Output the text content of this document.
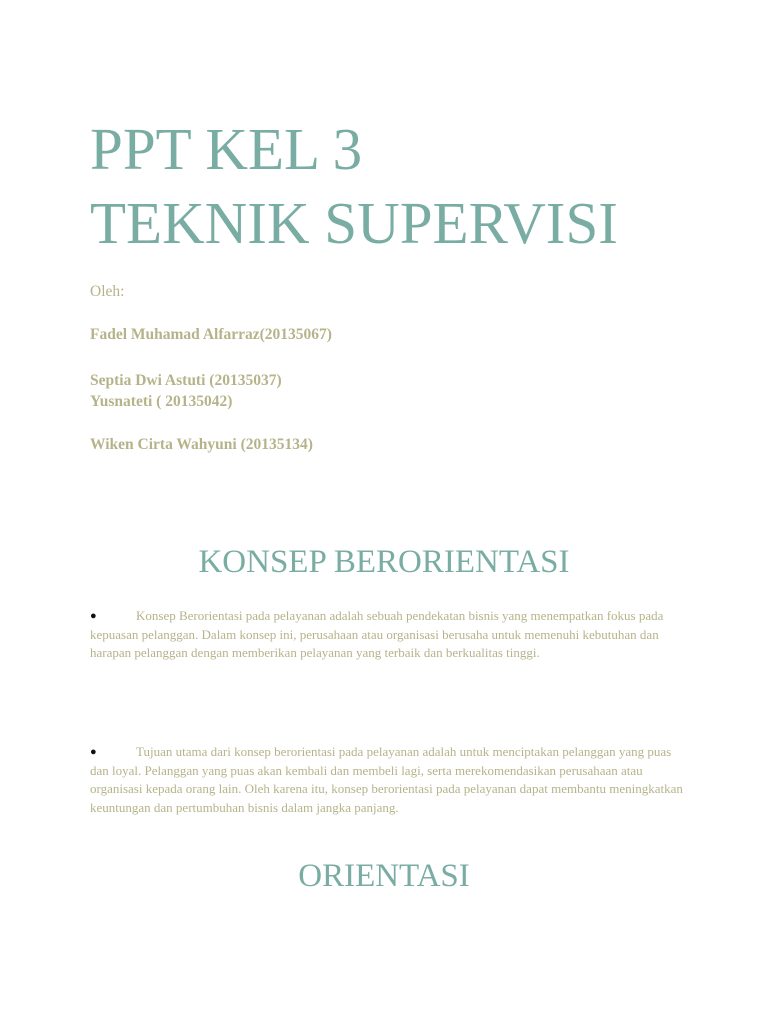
PPT KEL 3
TEKNIK SUPERVISI
Oleh:
Fadel Muhamad Alfarraz(20135067)
Septia Dwi Astuti (20135037)
Yusnateti ( 20135042)
Wiken Cirta Wahyuni (20135134)
KONSEP BERORIENTASI

●	Konsep Berorientasi pada pelayanan adalah sebuah pendekatan bisnis yang menempatkan fokus pada kepuasan pelanggan. Dalam konsep ini, perusahaan atau organisasi berusaha untuk memenuhi kebutuhan dan harapan pelanggan dengan memberikan pelayanan yang terbaik dan berkualitas tinggi.

●	Tujuan utama dari konsep berorientasi pada pelayanan adalah untuk menciptakan pelanggan yang puas dan loyal. Pelanggan yang puas akan kembali dan membeli lagi, serta merekomendasikan perusahaan atau organisasi kepada orang lain. Oleh karena itu, konsep berorientasi pada pelayanan dapat membantu meningkatkan keuntungan dan pertumbuhan bisnis dalam jangka panjang.

ORIENTASI
